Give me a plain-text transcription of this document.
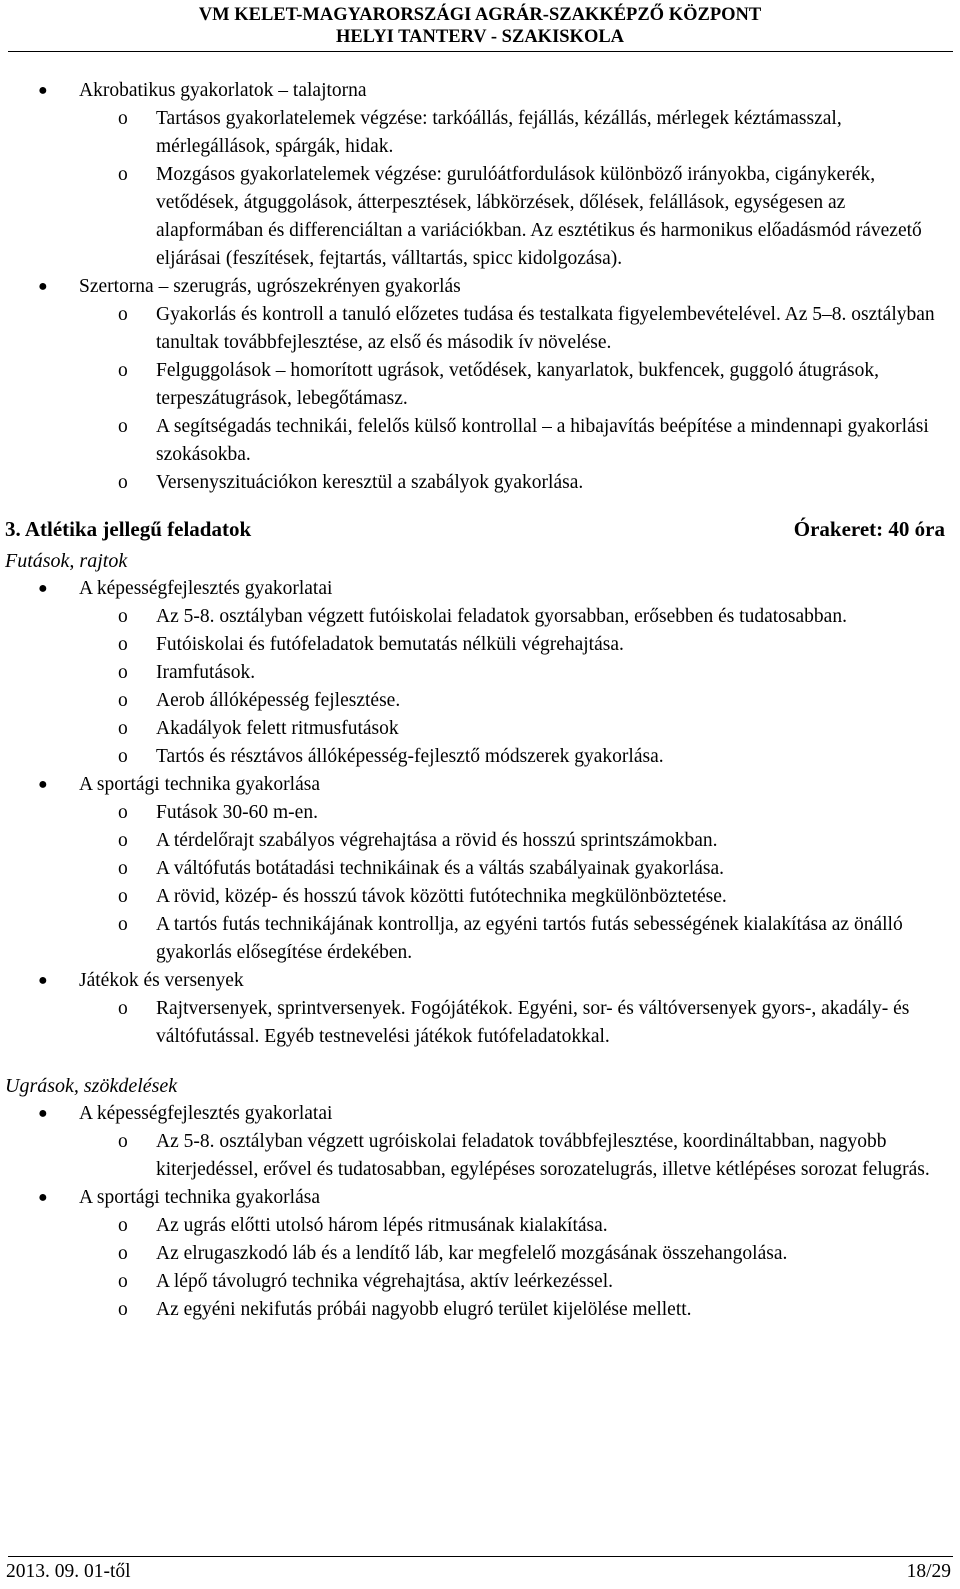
VM KELET-MAGYARORSZÁGI AGRÁR-SZAKKÉPZŐ KÖZPONT
HELYI TANTERV - SZAKISKOLA
● Akrobatikus gyakorlatok – talajtorna
o Tartásos gyakorlatelemek végzése: tarkóállás, fejállás, kézállás, mérlegek kéztámasszal, mérlegállások, spárgák, hidak.
o Mozgásos gyakorlatelemek végzése: gurulóátfordulások különböző irányokba, cigánykerék, vetődések, átguggolások, átterpesztések, lábkörzések, dőlések, felállások, egységesen az alapformában és differenciáltan a variációkban. Az esztétikus és harmonikus előadásmód rávezető eljárásai (feszítések, fejtartás, válltartás, spicc kidolgozása).
● Szertorna – szerugrás, ugrószekrényen gyakorlás
o Gyakorlás és kontroll a tanuló előzetes tudása és testalkata figyelembevételével. Az 5–8. osztályban tanultak továbbfejlesztése, az első és második ív növelése.
o Felguggolások – homorított ugrások, vetődések, kanyarlatok, bukfencek, guggoló átugrások, terpeszátugrások, lebegőtámasz.
o A segítségadás technikái, felelős külső kontrollal – a hibajavítás beépítése a mindennapi gyakorlási szokásokba.
o Versenyszituációkon keresztül a szabályok gyakorlása.
3. Atlétika jellegű feladatok	Órakeret: 40 óra
Futások, rajtok
● A képességfejlesztés gyakorlatai
o Az 5-8. osztályban végzett futóiskolai feladatok gyorsabban, erősebben és tudatosabban.
o Futóiskolai és futófeladatok bemutatás nélküli végrehajtása.
o Iramfutások.
o Aerob állóképesség fejlesztése.
o Akadályok felett ritmusfutások
o Tartós és résztávos állóképesség-fejlesztő módszerek gyakorlása.
● A sportági technika gyakorlása
o Futások 30-60 m-en.
o A térdelőrajt szabályos végrehajtása a rövid és hosszú sprintszámokban.
o A váltófutás botátadási technikáinak és a váltás szabályainak gyakorlása.
o A rövid, közép- és hosszú távok közötti futótechnika megkülönböztetése.
o A tartós futás technikájának kontrollja, az egyéni tartós futás sebességének kialakítása az önálló gyakorlás elősegítése érdekében.
● Játékok és versenyek
o Rajtversenyek, sprintversenyek. Fogójátékok. Egyéni, sor- és váltóversenyek gyors-, akadály- és váltófutással. Egyéb testnevelési játékok futófeladatokkal.
Ugrások, szökdelések
● A képességfejlesztés gyakorlatai
o Az 5-8. osztályban végzett ugróiskolai feladatok továbbfejlesztése, koordináltabban, nagyobb kiterjedéssel, erővel és tudatosabban, egylépéses sorozatelugrás, illetve kétlépéses sorozat felugrás.
● A sportági technika gyakorlása
o Az ugrás előtti utolsó három lépés ritmusának kialakítása.
o Az elrugaszkodó láb és a lendítő láb, kar megfelelő mozgásának összehangolása.
o A lépő távolugró technika végrehajtása, aktív leérkezéssel.
o Az egyéni nekifutás próbái nagyobb elugró terület kijelölése mellett.
2013. 09. 01-től	18/29
